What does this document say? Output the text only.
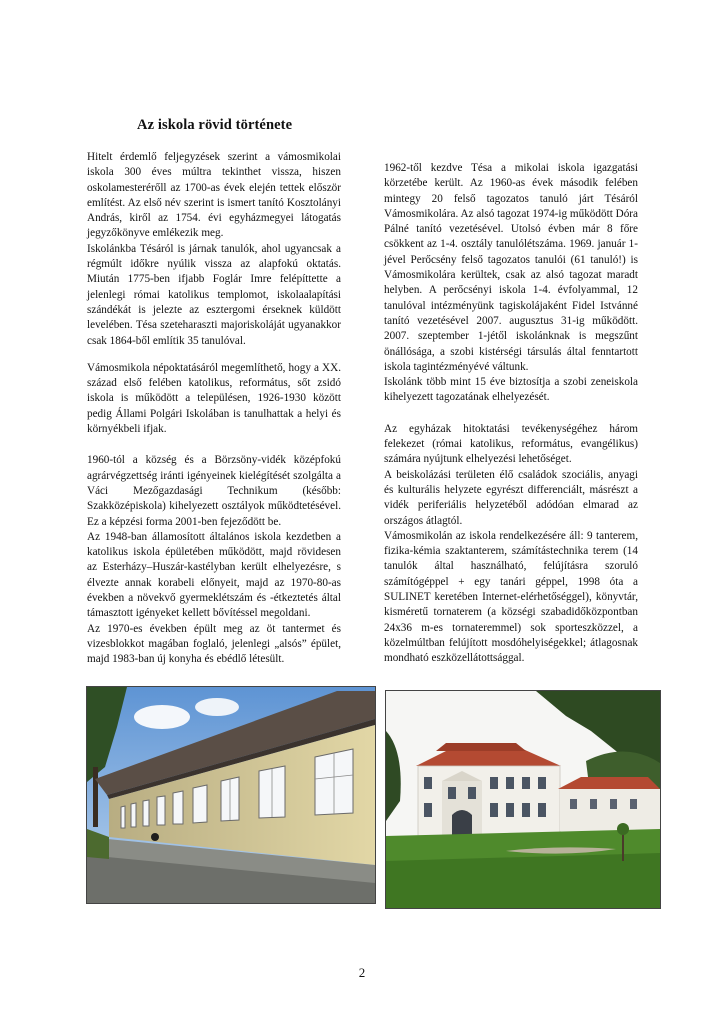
Az iskola rövid története

Hitelt érdemlő feljegyzések szerint a vámosmikolai iskola 300 éves múltra tekinthet vissza, hiszen oskolamesterérőll az 1700-as évek elején tettek először említést. Az első név szerint is ismert tanító Kosztolányi András, kiről az 1754. évi egyházmegyei látogatás jegyzőkönyve emlékezik meg.

Iskolánkba Tésáról is járnak tanulók, ahol ugyancsak a régmúlt időkre nyúlik vissza az alapfokú oktatás. Miután 1775-ben ifjabb Foglár Imre felépíttette a jelenlegi római katolikus templomot, iskolaalapítási szándékát is jelezte az esztergomi érseknek küldött levelében. Tésa szeteharaszti majoriskoláját ugyanakkor csak 1864-ből említik 35 tanulóval.

Vámosmikola népoktatásáról megemlíthető, hogy a XX. század első felében katolikus, református, sőt zsidó iskola is működött a településen, 1926-1930 között pedig Állami Polgári Iskolában is tanulhattak a helyi és környékbeli ifjak.

1960-tól a község és a Börzsöny-vidék középfokú agrárvégzettség iránti igényeinek kielégítését szolgálta a Váci Mezőgazdasági Technikum (később: Szakközépiskola) kihelyezett osztályok működtetésével. Ez a képzési forma 2001-ben fejeződött be.

Az 1948-ban államosított általános iskola kezdetben a katolikus iskola épületében működött, majd rövidesen az Esterházy–Huszár-kastélyban került elhelyezésre, s élvezte annak korabeli előnyeit, majd az 1970-80-as években a növekvő gyermeklétszám és -étkeztetés által támasztott igényeket kellett bővítéssel megoldani.

Az 1970-es években épült meg az öt tantermet és vizesblokkot magában foglaló, jelenlegi „alsós” épület, majd 1983-ban új konyha és ebédlő létesült.

1962-től kezdve Tésa a mikolai iskola igazgatási körzetébe került. Az 1960-as évek második felében mintegy 20 felső tagozatos tanuló járt Tésáról Vámosmikolára. Az alsó tagozat 1974-ig működött Dóra Pálné tanító vezetésével. Utolsó évben már 8 főre csökkent az 1-4. osztály tanulólétszáma. 1969. január 1-jével Perőcsény felső tagozatos tanulói (61 tanuló!) is Vámosmikolára kerültek, csak az alsó tagozat maradt helyben. A perőcsényi iskola 1-4. évfolyammal, 12 tanulóval intézményünk tagiskolájaként Fidel Istvánné tanító vezetésével 2007. augusztus 31-ig működött. 2007. szeptember 1-jétől iskolánknak is megszűnt önállósága, a szobi kistérségi társulás által fenntartott iskola tagintézményévé váltunk.

Iskolánk több mint 15 éve biztosítja a szobi zeneiskola kihelyezett tagozatának elhelyezését.

Az egyházak hitoktatási tevékenységéhez három felekezet (római katolikus, református, evangélikus) számára nyújtunk elhelyezési lehetőséget.

A beiskolázási területen élő családok szociális, anyagi és kulturális helyzete egyrészt differenciált, másrészt a vidék periferiális helyzetéből adódóan elmarad az országos átlagtól.

Vámosmikolán az iskola rendelkezésére áll: 9 tanterem, fizika-kémia szaktanterem, számítástechnika terem (14 tanulók által használható, felújításra szoruló számítógéppel + egy tanári géppel, 1998 óta a SULINET keretében Internet-elérhetőséggel), könyvtár, kisméretű tornaterem (a községi szabadidőközpontban 24x36 m-es tornateremmel) sok sporteszközzel, a közelmúltban felújított mosdóhelyiségekkel; átlagosnak mondható eszközellátottsággal.

2
